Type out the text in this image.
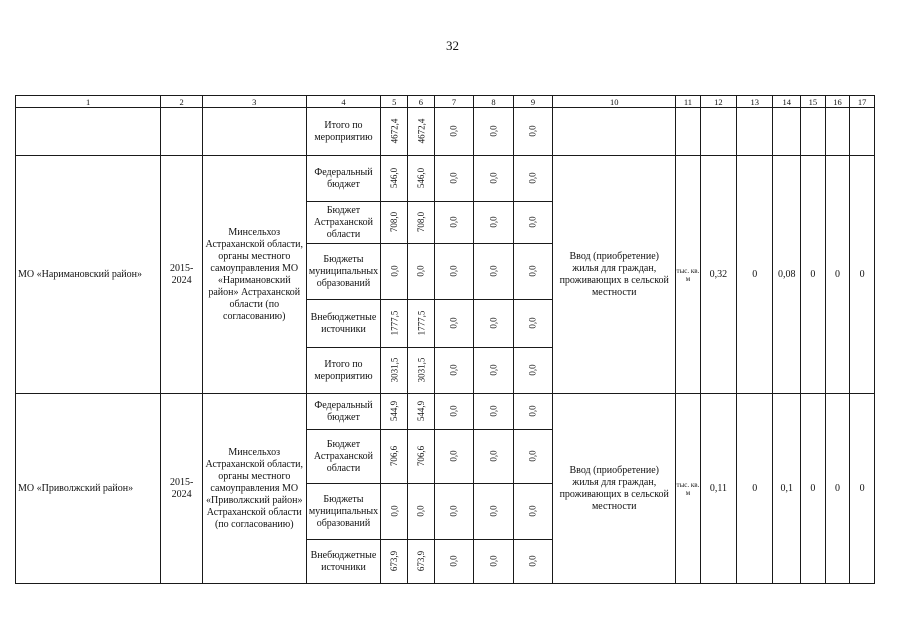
32
1	2	3	4	5	6	7	8	9	10	11	12	13	14	15	16	17
			Итого по мероприятию	4672,4	4672,4	0,0	0,0	0,0								
МО «Наримановский район»	2015-2024	Минсельхоз Астраханской области, органы местного самоуправления МО «Наримановский район» Астраханской области (по согласованию)	Федеральный бюджет	546,0	546,0	0,0	0,0	0,0	Ввод (приобретение) жилья для граждан, проживающих в сельской местности	тыс. кв. м	0,32	0	0,08	0	0	0
			Бюджет Астраханской области	708,0	708,0	0,0	0,0	0,0								
			Бюджеты муниципальных образований	0,0	0,0	0,0	0,0	0,0								
			Внебюджетные источники	1777,5	1777,5	0,0	0,0	0,0								
			Итого по мероприятию	3031,5	3031,5	0,0	0,0	0,0								
МО «Приволжский район»	2015-2024	Минсельхоз Астраханской области, органы местного самоуправления МО «Приволжский район» Астраханской области (по согласованию)	Федеральный бюджет	544,9	544,9	0,0	0,0	0,0	Ввод (приобретение) жилья для граждан, проживающих в сельской местности	тыс. кв. м	0,11	0	0,1	0	0	0
			Бюджет Астраханской области	706,6	706,6	0,0	0,0	0,0								
			Бюджеты муниципальных образований	0,0	0,0	0,0	0,0	0,0								
			Внебюджетные источники	673,9	673,9	0,0	0,0	0,0								
